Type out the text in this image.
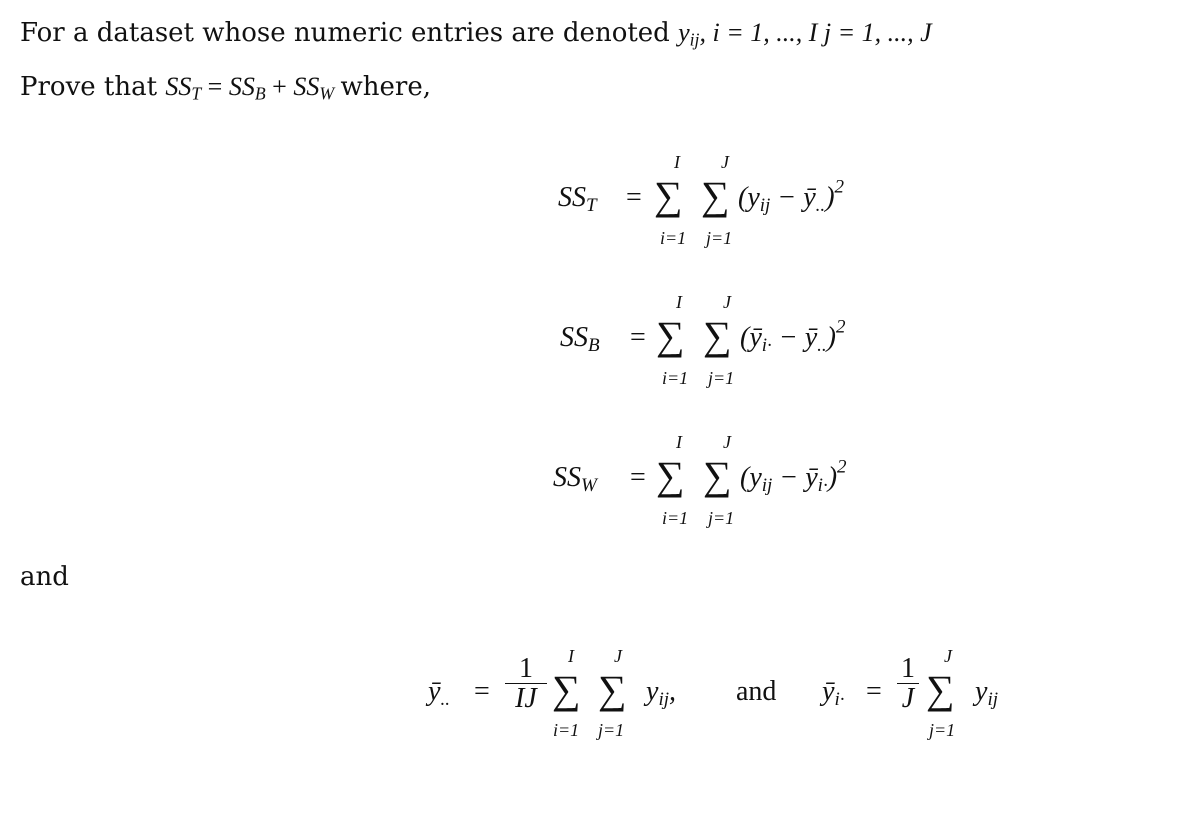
For a dataset whose numeric entries are denoted $y_{ij}$, i = 1, ..., I j = 1, ..., J
Prove that $SS_T = SS_B + SS_W$ where,
$SS_T$ =
I J
∑ ∑
i=1 j=1
($y_{ij}$ − $ȳ_{..})^2$
$SS_B$ =
I J
∑ ∑
i=1 j=1
($ȳ_{i\cdot}$ − $ȳ_{..})^2$
$SS_W$ =
I J
∑ ∑
i=1 j=1
($y_{ij}$ − $ȳ_{i\cdot})^2$
and
$ȳ_{..}$ =
1
IJ
I J
∑ ∑
i=1 j=1
$y_{ij}$, and $ȳ_{i\cdot}$ =
1
J
J
∑
j=1
$y_{ij}$
